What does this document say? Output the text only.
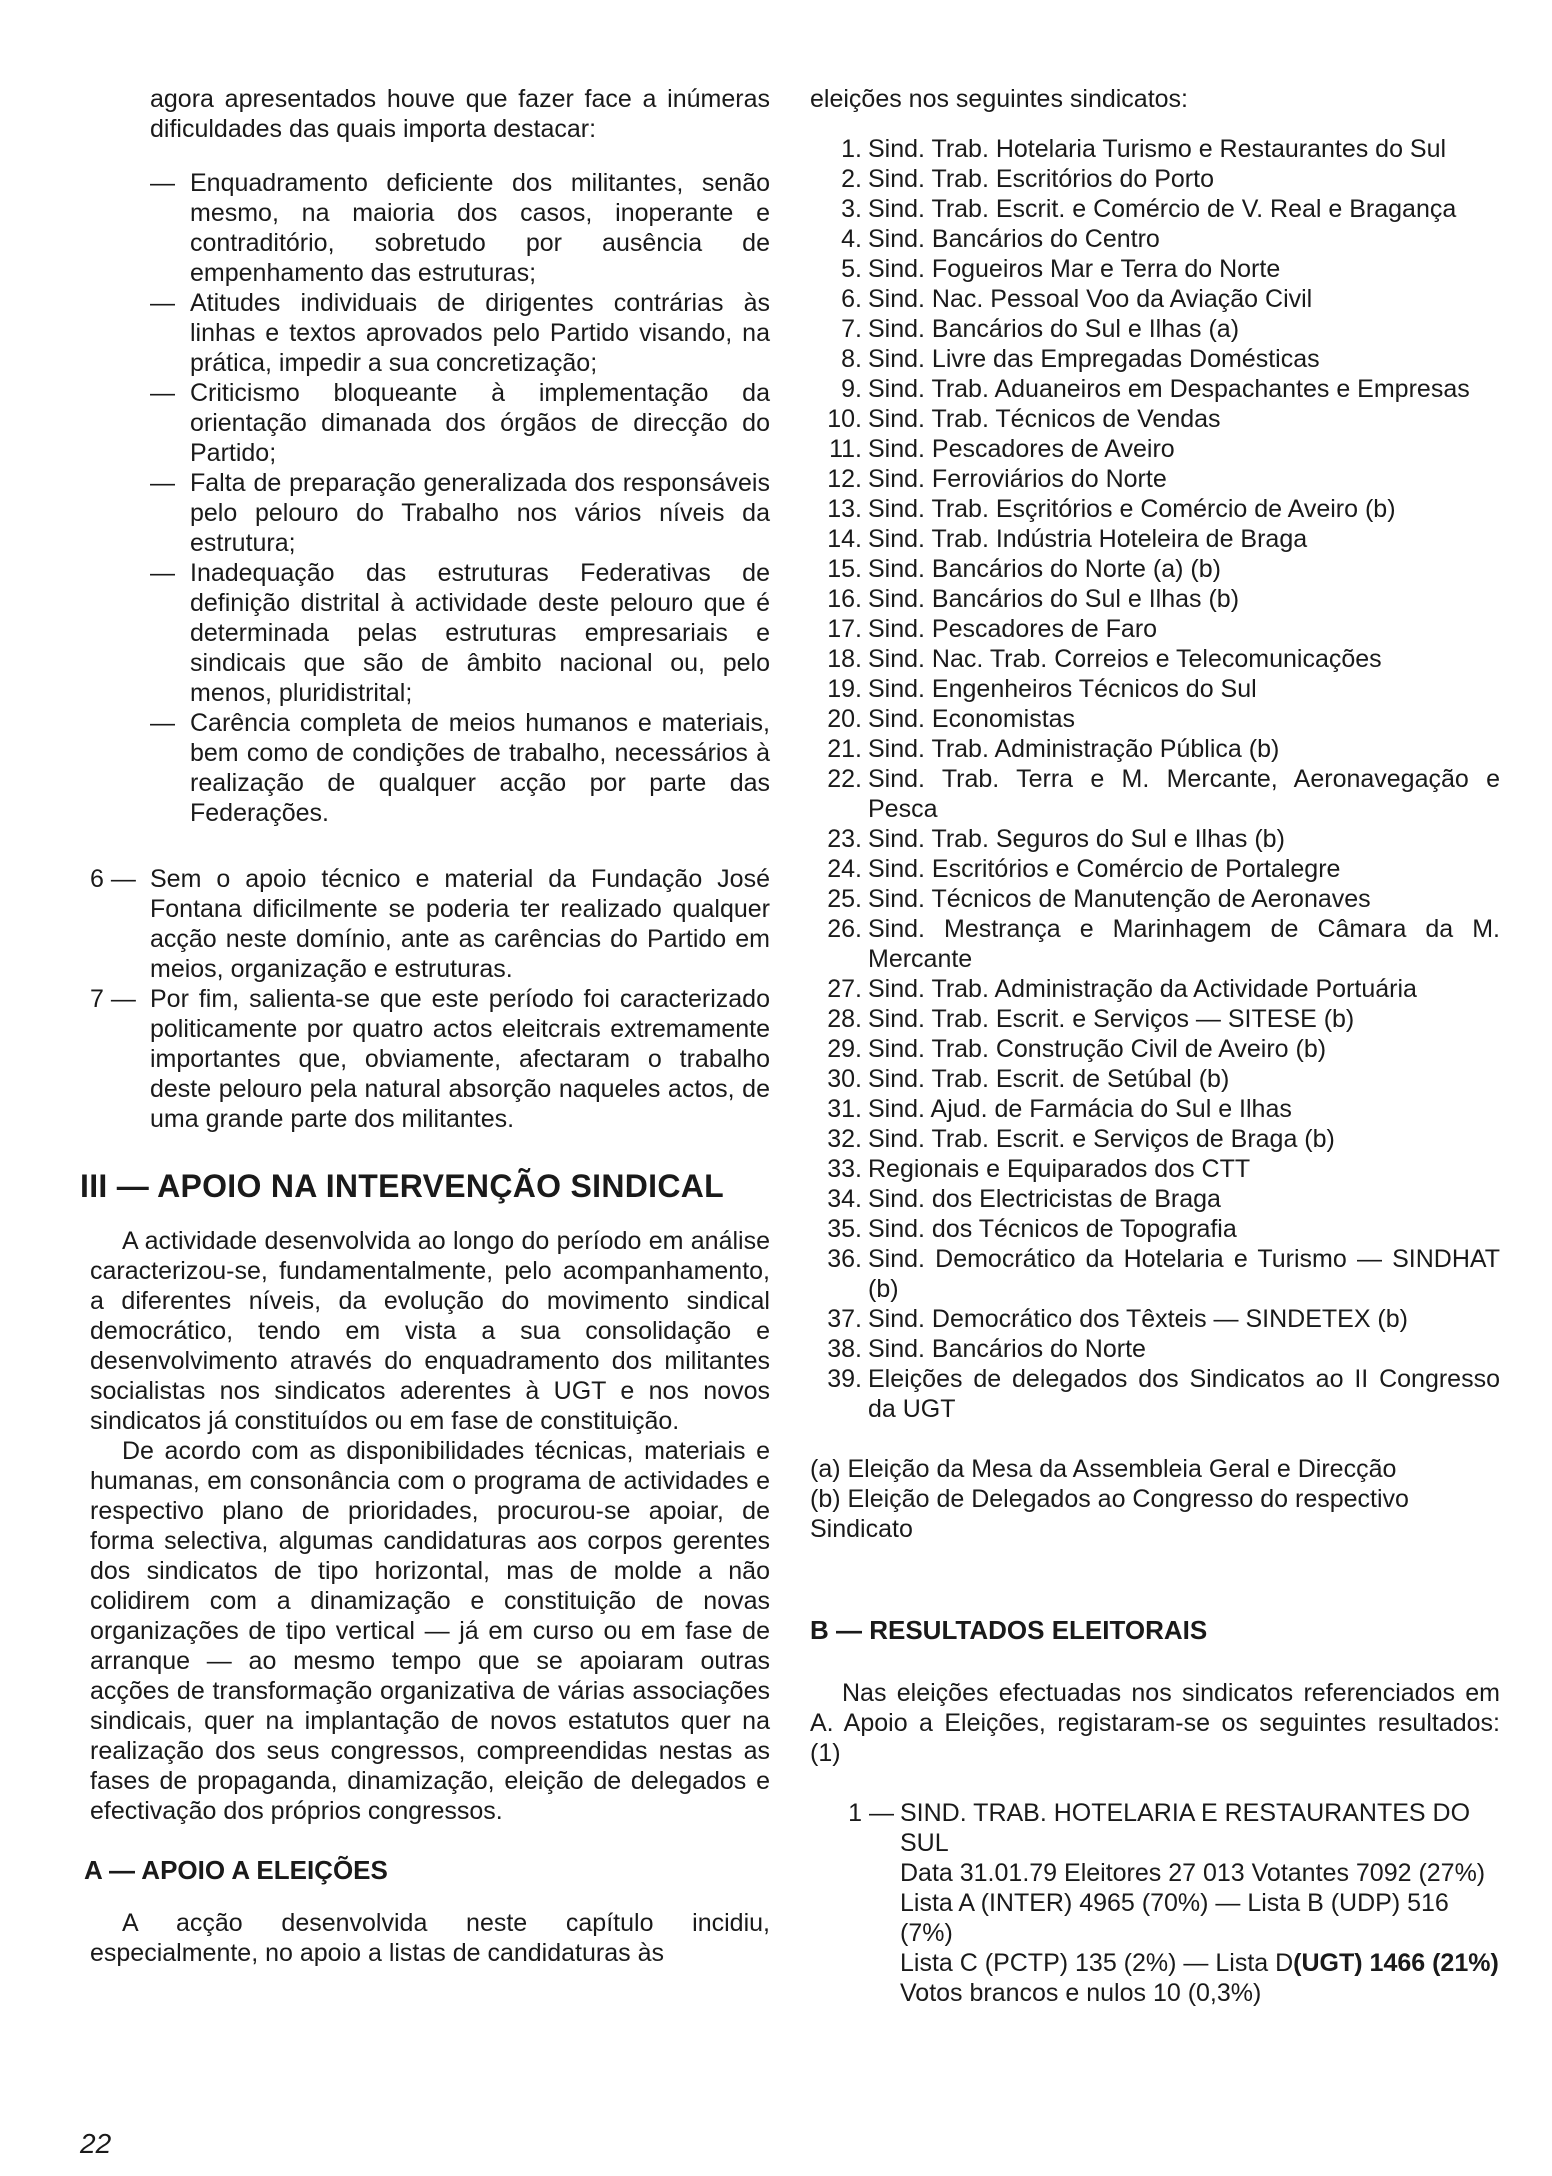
agora apresentados houve que fazer face a inúmeras dificuldades das quais importa destacar:

— Enquadramento deficiente dos militantes, senão mesmo, na maioria dos casos, inoperante e contraditório, sobretudo por ausência de empenhamento das estruturas;
— Atitudes individuais de dirigentes contrárias às linhas e textos aprovados pelo Partido visando, na prática, impedir a sua concretização;
— Criticismo bloqueante à implementação da orientação dimanada dos órgãos de direcção do Partido;
— Falta de preparação generalizada dos responsáveis pelo pelouro do Trabalho nos vários níveis da estrutura;
— Inadequação das estruturas Federativas de definição distrital à actividade deste pelouro que é determinada pelas estruturas empresariais e sindicais que são de âmbito nacional ou, pelo menos, pluridistrital;
— Carência completa de meios humanos e materiais, bem como de condições de trabalho, necessários à realização de qualquer acção por parte das Federações.
6 — Sem o apoio técnico e material da Fundação José Fontana dificilmente se poderia ter realizado qualquer acção neste domínio, ante as carências do Partido em meios, organização e estruturas.
7 — Por fim, salienta-se que este período foi caracterizado politicamente por quatro actos eleitcrais extremamente importantes que, obviamente, afectaram o trabalho deste pelouro pela natural absorção naqueles actos, de uma grande parte dos militantes.
III — APOIO NA INTERVENÇÃO SINDICAL

A actividade desenvolvida ao longo do período em análise caracterizou-se, fundamentalmente, pelo acompanhamento, a diferentes níveis, da evolução do movimento sindical democrático, tendo em vista a sua consolidação e desenvolvimento através do enquadramento dos militantes socialistas nos sindicatos aderentes à UGT e nos novos sindicatos já constituídos ou em fase de constituição.

De acordo com as disponibilidades técnicas, materiais e humanas, em consonância com o programa de actividades e respectivo plano de prioridades, procurou-se apoiar, de forma selectiva, algumas candidaturas aos corpos gerentes dos sindicatos de tipo horizontal, mas de molde a não colidirem com a dinamização e constituição de novas organizações de tipo vertical — já em curso ou em fase de arranque — ao mesmo tempo que se apoiaram outras acções de transformação organizativa de várias associações sindicais, quer na implantação de novos estatutos quer na realização dos seus congressos, compreendidas nestas as fases de propaganda, dinamização, eleição de delegados e efectivação dos próprios congressos.

A — APOIO A ELEIÇÕES

A acção desenvolvida neste capítulo incidiu, especialmente, no apoio a listas de candidaturas às

eleições nos seguintes sindicatos:

1. Sind. Trab. Hotelaria Turismo e Restaurantes do Sul
2. Sind. Trab. Escritórios do Porto
3. Sind. Trab. Escrit. e Comércio de V. Real e Bragança
4. Sind. Bancários do Centro
5. Sind. Fogueiros Mar e Terra do Norte
6. Sind. Nac. Pessoal Voo da Aviação Civil
7. Sind. Bancários do Sul e Ilhas (a)
8. Sind. Livre das Empregadas Domésticas
9. Sind. Trab. Aduaneiros em Despachantes e Empresas
10. Sind. Trab. Técnicos de Vendas
11. Sind. Pescadores de Aveiro
12. Sind. Ferroviários do Norte
13. Sind. Trab. Esçritórios e Comércio de Aveiro (b)
14. Sind. Trab. Indústria Hoteleira de Braga
15. Sind. Bancários do Norte (a) (b)
16. Sind. Bancários do Sul e Ilhas (b)
17. Sind. Pescadores de Faro
18. Sind. Nac. Trab. Correios e Telecomunicações
19. Sind. Engenheiros Técnicos do Sul
20. Sind. Economistas
21. Sind. Trab. Administração Pública (b)
22. Sind. Trab. Terra e M. Mercante, Aeronavegação e Pesca
23. Sind. Trab. Seguros do Sul e Ilhas (b)
24. Sind. Escritórios e Comércio de Portalegre
25. Sind. Técnicos de Manutenção de Aeronaves
26. Sind. Mestrança e Marinhagem de Câmara da M. Mercante
27. Sind. Trab. Administração da Actividade Portuária
28. Sind. Trab. Escrit. e Serviços — SITESE (b)
29. Sind. Trab. Construção Civil de Aveiro (b)
30. Sind. Trab. Escrit. de Setúbal (b)
31. Sind. Ajud. de Farmácia do Sul e Ilhas
32. Sind. Trab. Escrit. e Serviços de Braga (b)
33. Regionais e Equiparados dos CTT
34. Sind. dos Electricistas de Braga
35. Sind. dos Técnicos de Topografia
36. Sind. Democrático da Hotelaria e Turismo — SINDHAT (b)
37. Sind. Democrático dos Têxteis — SINDETEX (b)
38. Sind. Bancários do Norte
39. Eleições de delegados dos Sindicatos ao II Congresso da UGT

(a) Eleição da Mesa da Assembleia Geral e Direcção

(b) Eleição de Delegados ao Congresso do respectivo Sindicato

B — RESULTADOS ELEITORAIS

Nas eleições efectuadas nos sindicatos referenciados em A. Apoio a Eleições, registaram-se os seguintes resultados: (1)

1 — SIND. TRAB. HOTELARIA E RESTAURANTES DO SUL

Data 31.01.79 Eleitores 27 013 Votantes 7092 (27%)

Lista A (INTER) 4965 (70%) — Lista B (UDP) 516 (7%)

Lista C (PCTP) 135 (2%) — Lista D(UGT) 1466 (21%)

Votos brancos e nulos 10 (0,3%)

22
